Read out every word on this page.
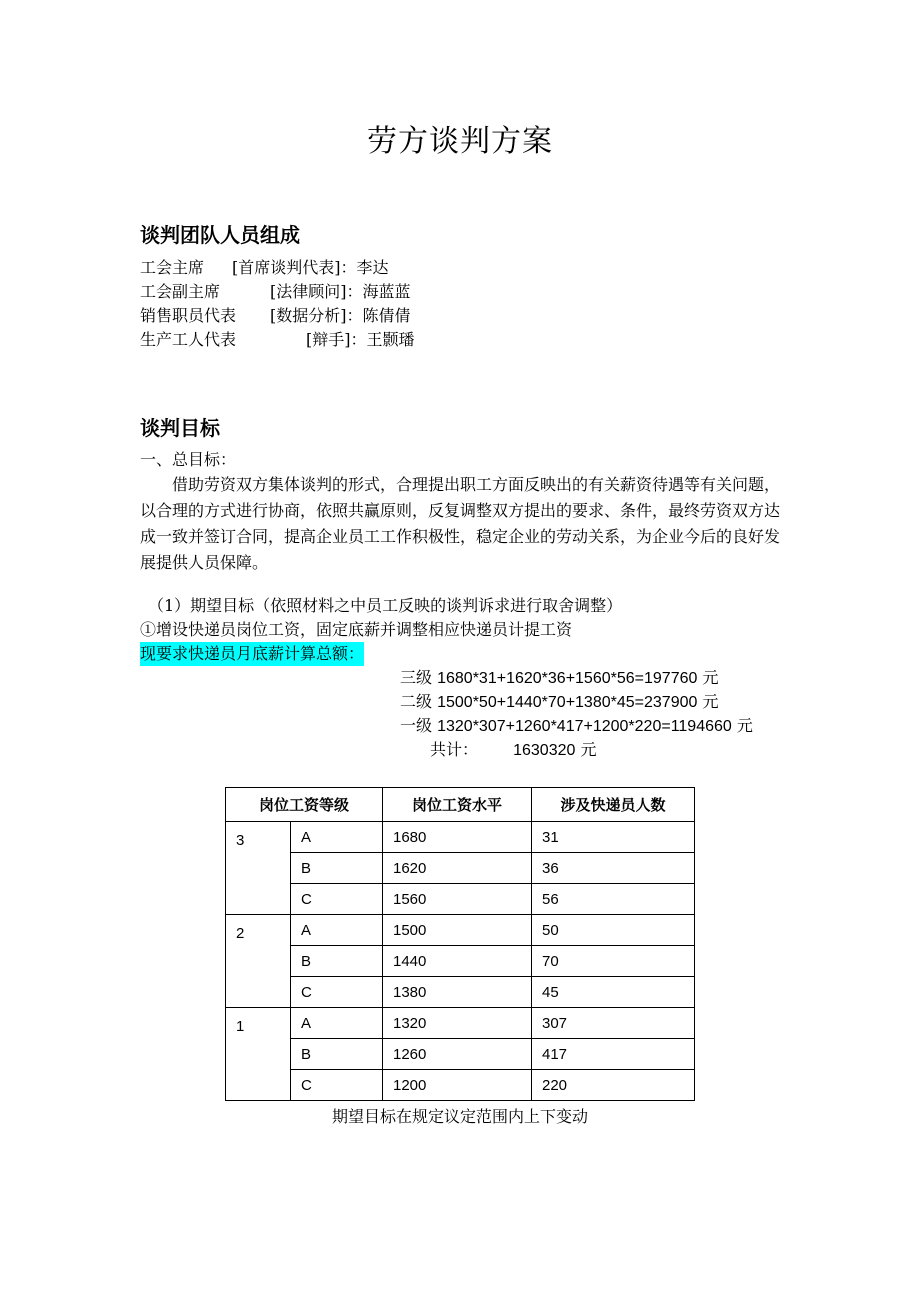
劳方谈判方案
谈判团队人员组成
工会主席 [首席谈判代表]：李达
工会副主席	[法律顾问]：海蓝蓝
销售职员代表 [数据分析]：陈倩倩
生产工人代表	[辩手]：王颢璠
谈判目标
一、总目标：
借助劳资双方集体谈判的形式，合理提出职工方面反映出的有关薪资待遇等有关问题，以合理的方式进行协商，依照共赢原则，反复调整双方提出的要求、条件，最终劳资双方达成一致并签订合同，提高企业员工工作积极性，稳定企业的劳动关系，为企业今后的良好发展提供人员保障。
（1）期望目标（依照材料之中员工反映的谈判诉求进行取舍调整）
①增设快递员岗位工资，固定底薪并调整相应快递员计提工资
现要求快递员月底薪计算总额：
三级 1680*31+1620*36+1560*56=197760 元
二级 1500*50+1440*70+1380*45=237900 元
一级 1320*307+1260*417+1200*220=1194660 元
共计： 1630320 元
岗位工资等级		岗位工资水平	涉及快递员人数
3	A	1680	31
	B	1620	36
	C	1560	56
2	A	1500	50
	B	1440	70
	C	1380	45
1	A	1320	307
	B	1260	417
	C	1200	220
期望目标在规定议定范围内上下变动
